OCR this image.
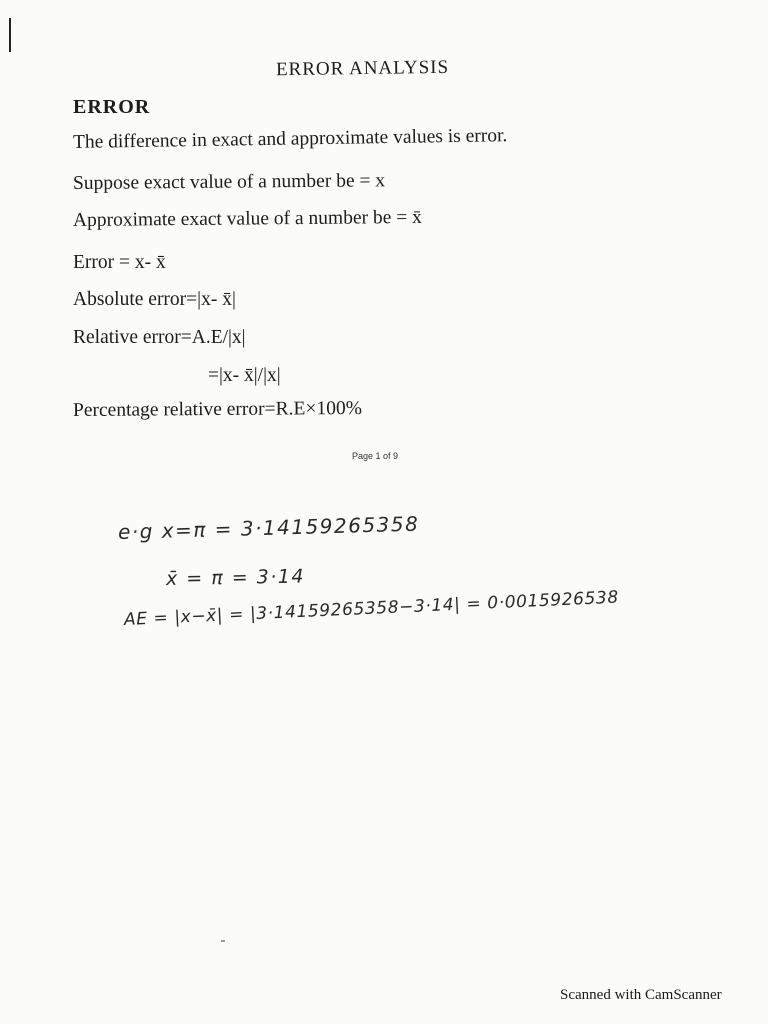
ERROR ANALYSIS
ERROR
The difference in exact and approximate values is error.
Suppose exact value of a number be = x
Approximate exact value of a number be = x̄
Error = x- x̄
Absolute error=|x- x̄|
Relative error=A.E/|x|
=|x- x̄|/|x|
Percentage relative error=R.E×100%
Page 1 of 9
e·g x=π = 3·14159265358
x̄ = π = 3·14
AE = |x−x̄| = |3·14159265358−3·14| = 0·0015926538
Scanned with CamScanner
